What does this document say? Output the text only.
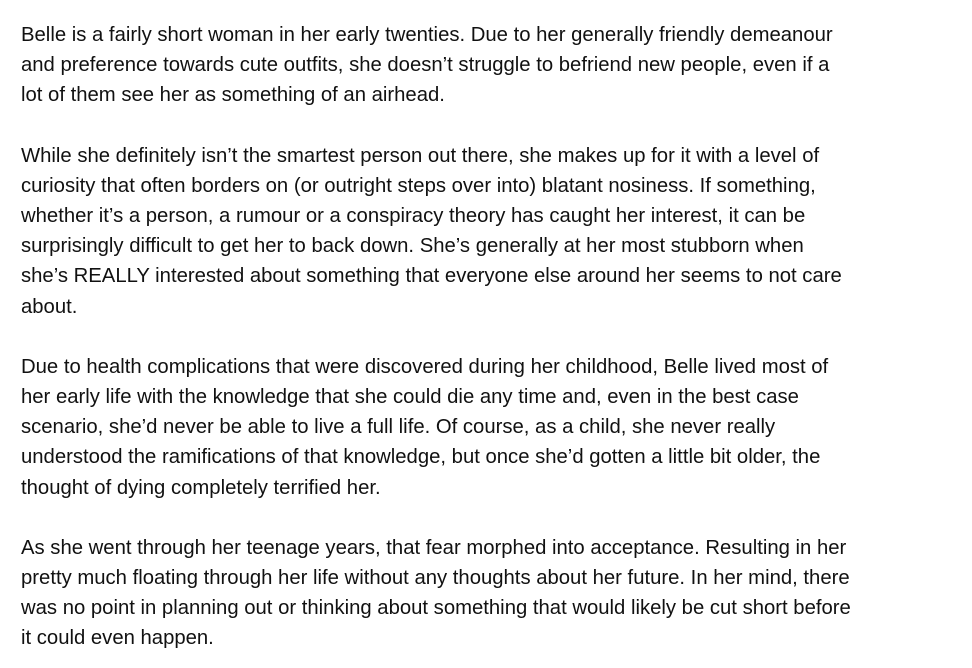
Belle is a fairly short woman in her early twenties. Due to her generally friendly demeanour
and preference towards cute outfits, she doesn’t struggle to befriend new people, even if a
lot of them see her as something of an airhead.

While she definitely isn’t the smartest person out there, she makes up for it with a level of
curiosity that often borders on (or outright steps over into) blatant nosiness. If something,
whether it’s a person, a rumour or a conspiracy theory has caught her interest, it can be
surprisingly difficult to get her to back down. She’s generally at her most stubborn when
she’s REALLY interested about something that everyone else around her seems to not care
about.

Due to health complications that were discovered during her childhood, Belle lived most of
her early life with the knowledge that she could die any time and, even in the best case
scenario, she’d never be able to live a full life. Of course, as a child, she never really
understood the ramifications of that knowledge, but once she’d gotten a little bit older, the
thought of dying completely terrified her.

As she went through her teenage years, that fear morphed into acceptance. Resulting in her
pretty much floating through her life without any thoughts about her future. In her mind, there
was no point in planning out or thinking about something that would likely be cut short before
it could even happen.
